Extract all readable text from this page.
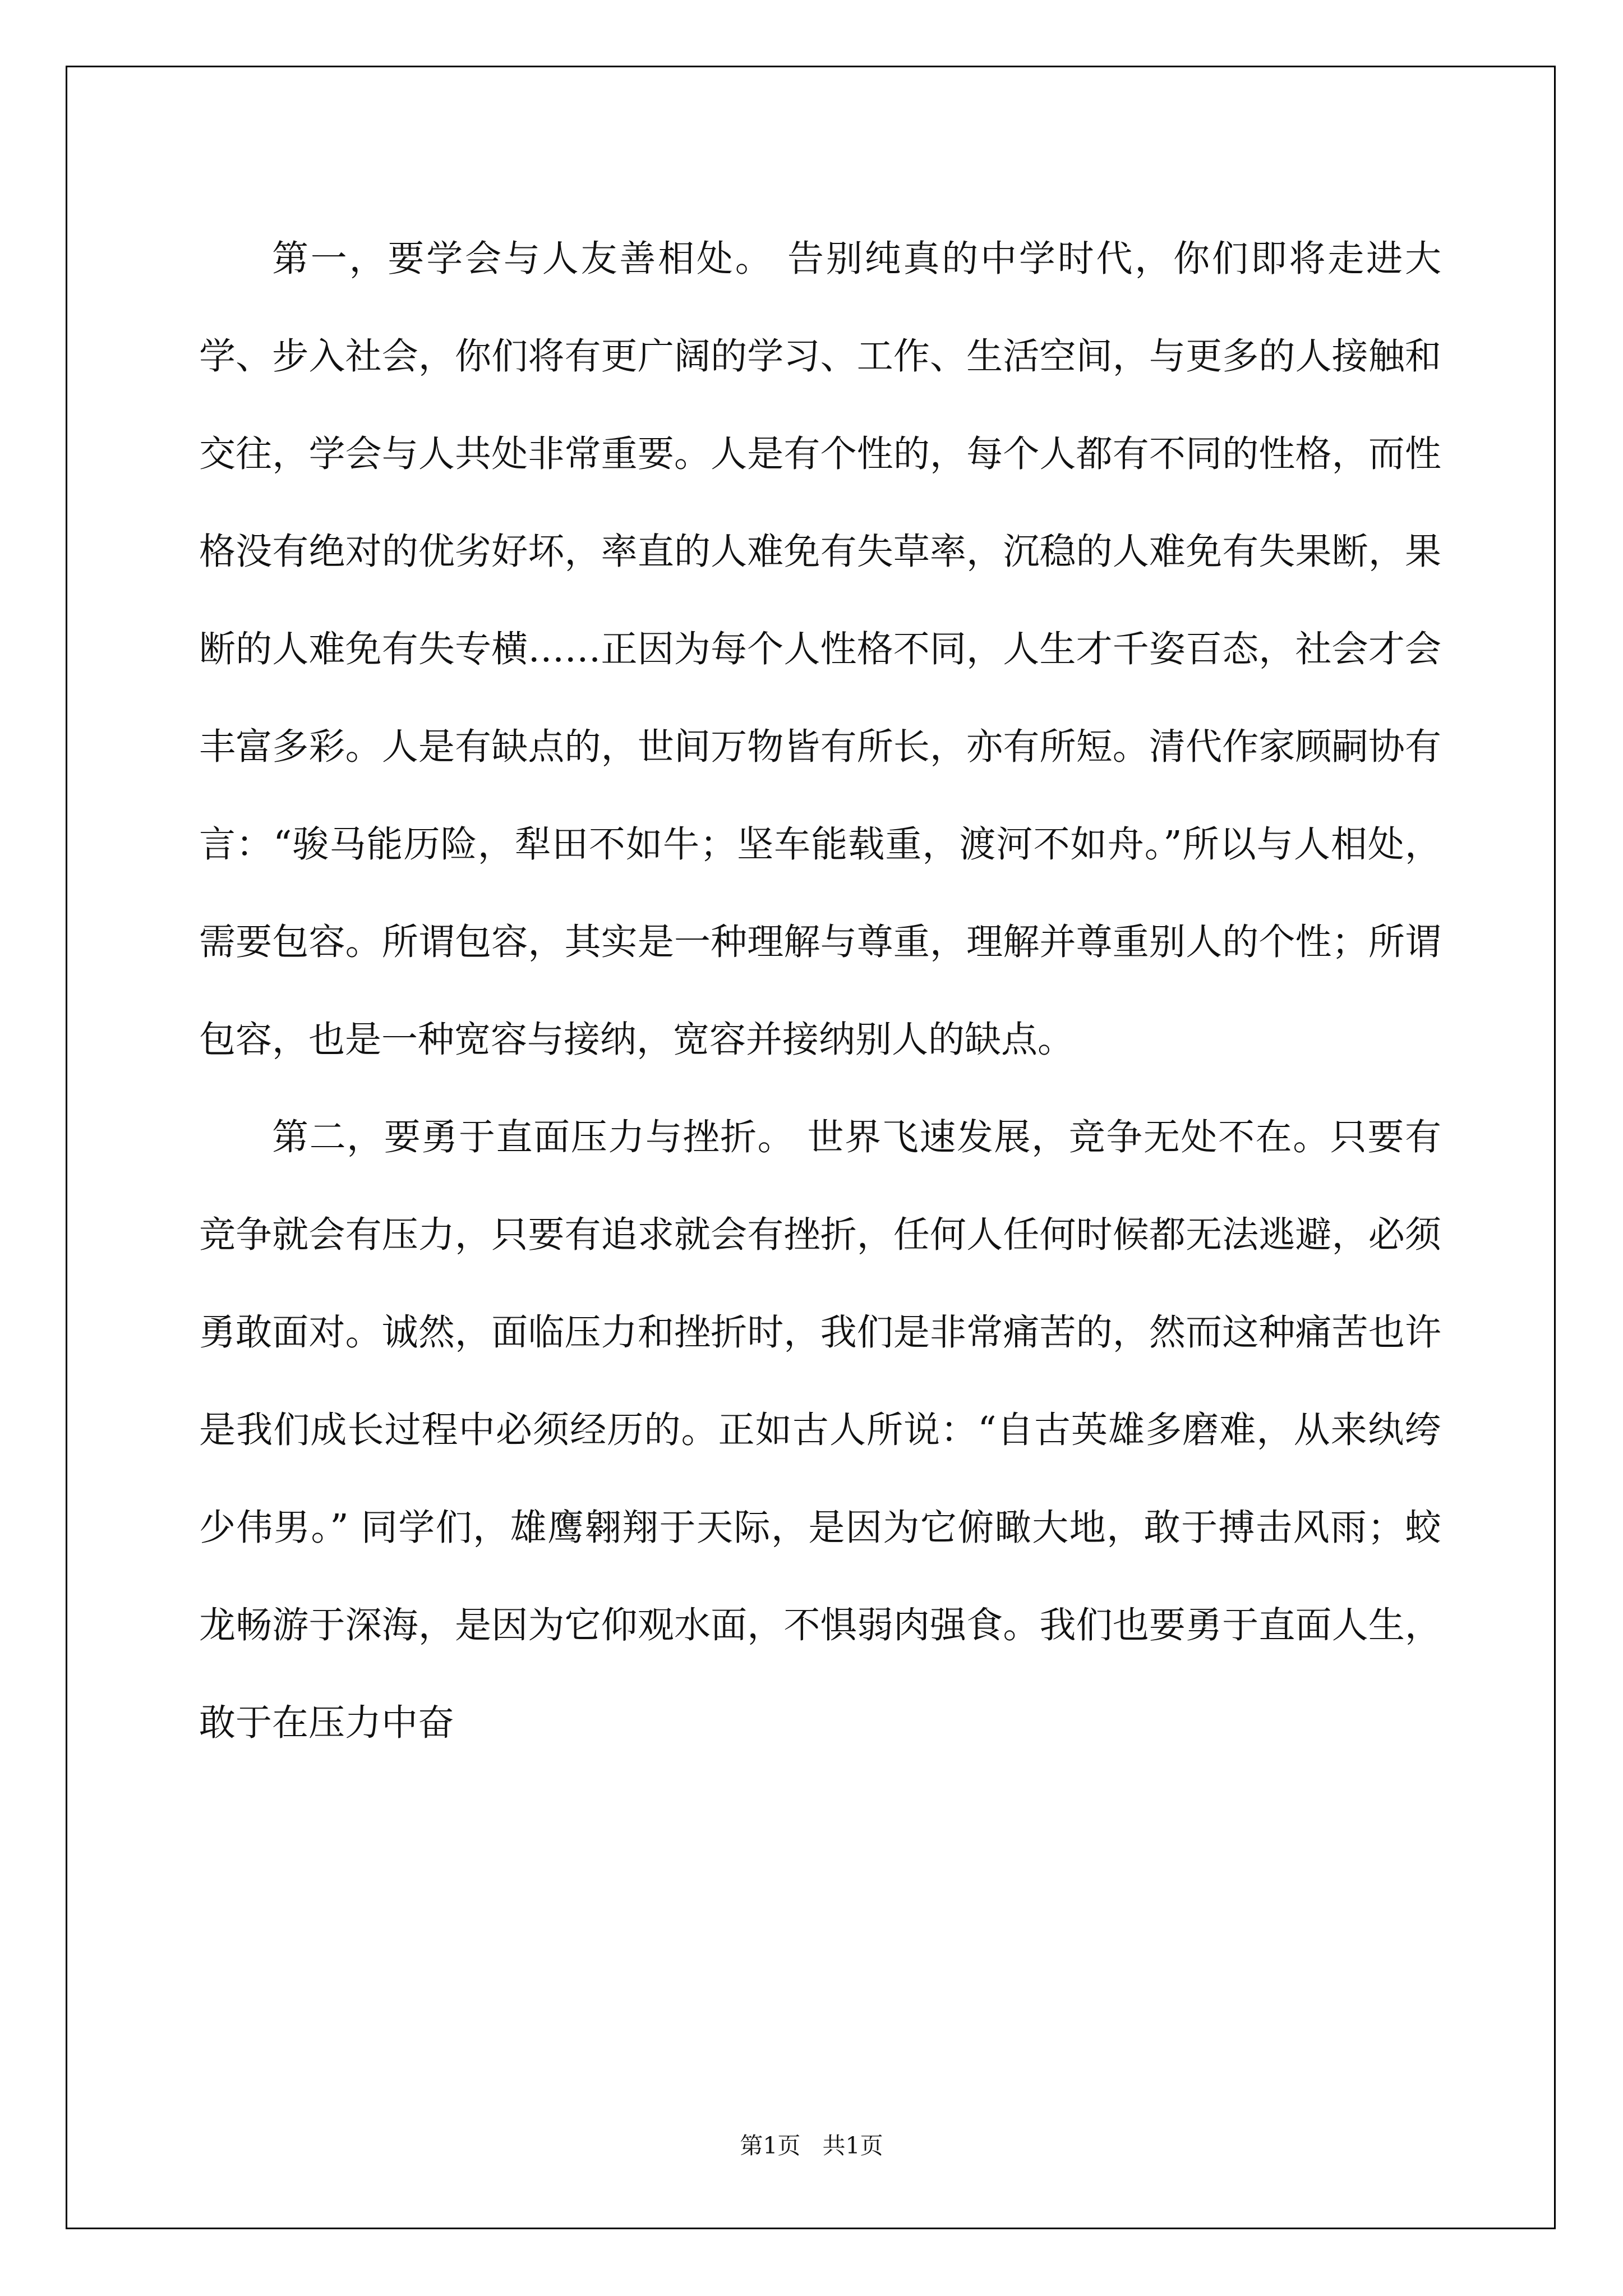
第一，要学会与人友善相处。 告别纯真的中学时代，你们即将走进大学、步入社会，你们将有更广阔的学习、工作、生活空间，与更多的人接触和交往，学会与人共处非常重要。人是有个性的，每个人都有不同的性格，而性格没有绝对的优劣好坏，率直的人难免有失草率，沉稳的人难免有失果断，果断的人难免有失专横……正因为每个人性格不同，人生才千姿百态，社会才会丰富多彩。人是有缺点的，世间万物皆有所长，亦有所短。清代作家顾嗣协有言：“骏马能历险，犁田不如牛；坚车能载重，渡河不如舟。”所以与人相处，需要包容。所谓包容，其实是一种理解与尊重，理解并尊重别人的个性；所谓包容，也是一种宽容与接纳，宽容并接纳别人的缺点。

第二，要勇于直面压力与挫折。 世界飞速发展，竞争无处不在。只要有竞争就会有压力，只要有追求就会有挫折，任何人任何时候都无法逃避，必须勇敢面对。诚然，面临压力和挫折时，我们是非常痛苦的，然而这种痛苦也许是我们成长过程中必须经历的。正如古人所说：“自古英雄多磨难，从来纨绔少伟男。” 同学们，雄鹰翱翔于天际，是因为它俯瞰大地，敢于搏击风雨；蛟龙畅游于深海，是因为它仰观水面，不惧弱肉强食。我们也要勇于直面人生，敢于在压力中奋

第1页 共1页
